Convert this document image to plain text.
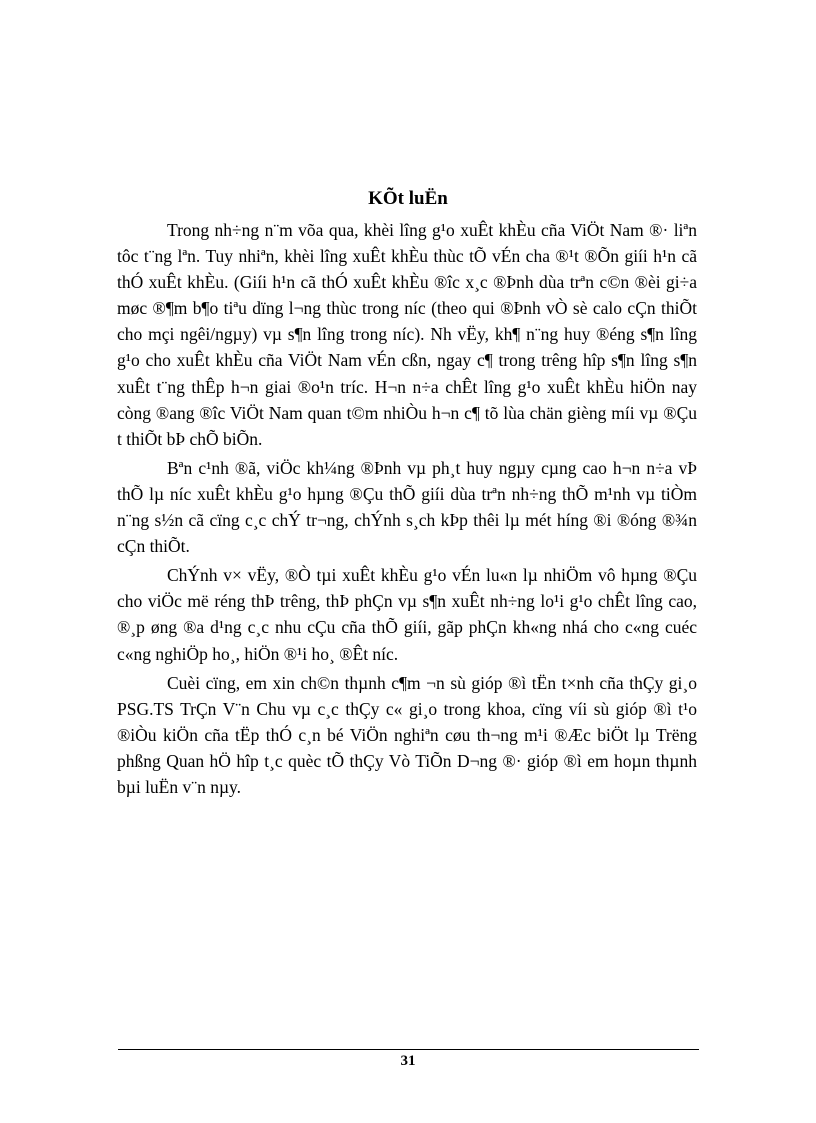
KÕt luËn

Trong nh÷ng n¨m võa qua, khèi lîng g¹o xuÊt khÈu cña ViÖt Nam ®· liªn tôc t¨ng lªn. Tuy nhiªn, khèi lîng xuÊt khÈu thùc tÕ vÉn cha ®¹t ®Õn giíi h¹n cã thÓ xuÊt khÈu. (Giíi h¹n cã thÓ xuÊt khÈu ®îc x¸c ®Þnh dùa trªn c©n ®èi gi÷a møc ®¶m b¶o tiªu dïng l¬ng thùc trong níc (theo qui ®Þnh vÒ sè calo cÇn thiÕt cho mçi ngêi/ngµy) vµ s¶n lîng trong níc). Nh vËy, kh¶ n¨ng huy ®éng s¶n lîng g¹o cho xuÊt khÈu cña ViÖt Nam vÉn cßn, ngay c¶ trong trêng hîp s¶n lîng s¶n xuÊt t¨ng thÊp h¬n giai ®o¹n tríc. H¬n n÷a chÊt lîng g¹o xuÊt khÈu hiÖn nay còng ®ang ®îc ViÖt Nam quan t©m nhiÒu h¬n c¶ tõ lùa chän gièng míi vµ ®Çu t thiÕt bÞ chÕ biÕn.

Bªn c¹nh ®ã, viÖc kh¼ng ®Þnh vµ ph¸t huy ngµy cµng cao h¬n n÷a vÞ thÕ lµ níc xuÊt khÈu g¹o hµng ®Çu thÕ giíi dùa trªn nh÷ng thÕ m¹nh vµ tiÒm n¨ng s½n cã cïng c¸c chÝ tr¬ng, chÝnh s¸ch kÞp thêi lµ mét híng ®i ®óng ®¾n cÇn thiÕt.

ChÝnh v× vËy, ®Ò tµi xuÊt khÈu g¹o vÉn lu«n lµ nhiÖm vô hµng ®Çu cho viÖc më réng thÞ trêng, thÞ phÇn vµ s¶n xuÊt nh÷ng lo¹i g¹o chÊt lîng cao, ®¸p øng ®a d¹ng c¸c nhu cÇu cña thÕ giíi, gãp phÇn kh«ng nhá cho c«ng cuéc c«ng nghiÖp ho¸, hiÖn ®¹i ho¸ ®Êt níc.

Cuèi cïng, em xin ch©n thµnh c¶m ¬n sù gióp ®ì tËn t×nh cña thÇy gi¸o PSG.TS TrÇn V¨n Chu vµ c¸c thÇy c« gi¸o trong khoa, cïng víi sù gióp ®ì t¹o ®iÒu kiÖn cña tËp thÓ c¸n bé ViÖn nghiªn cøu th¬ng m¹i ®Æc biÖt lµ Trëng phßng Quan hÖ hîp t¸c quèc tÕ thÇy Vò TiÕn D¬ng ®· gióp ®ì em hoµn thµnh bµi luËn v¨n nµy.

31
